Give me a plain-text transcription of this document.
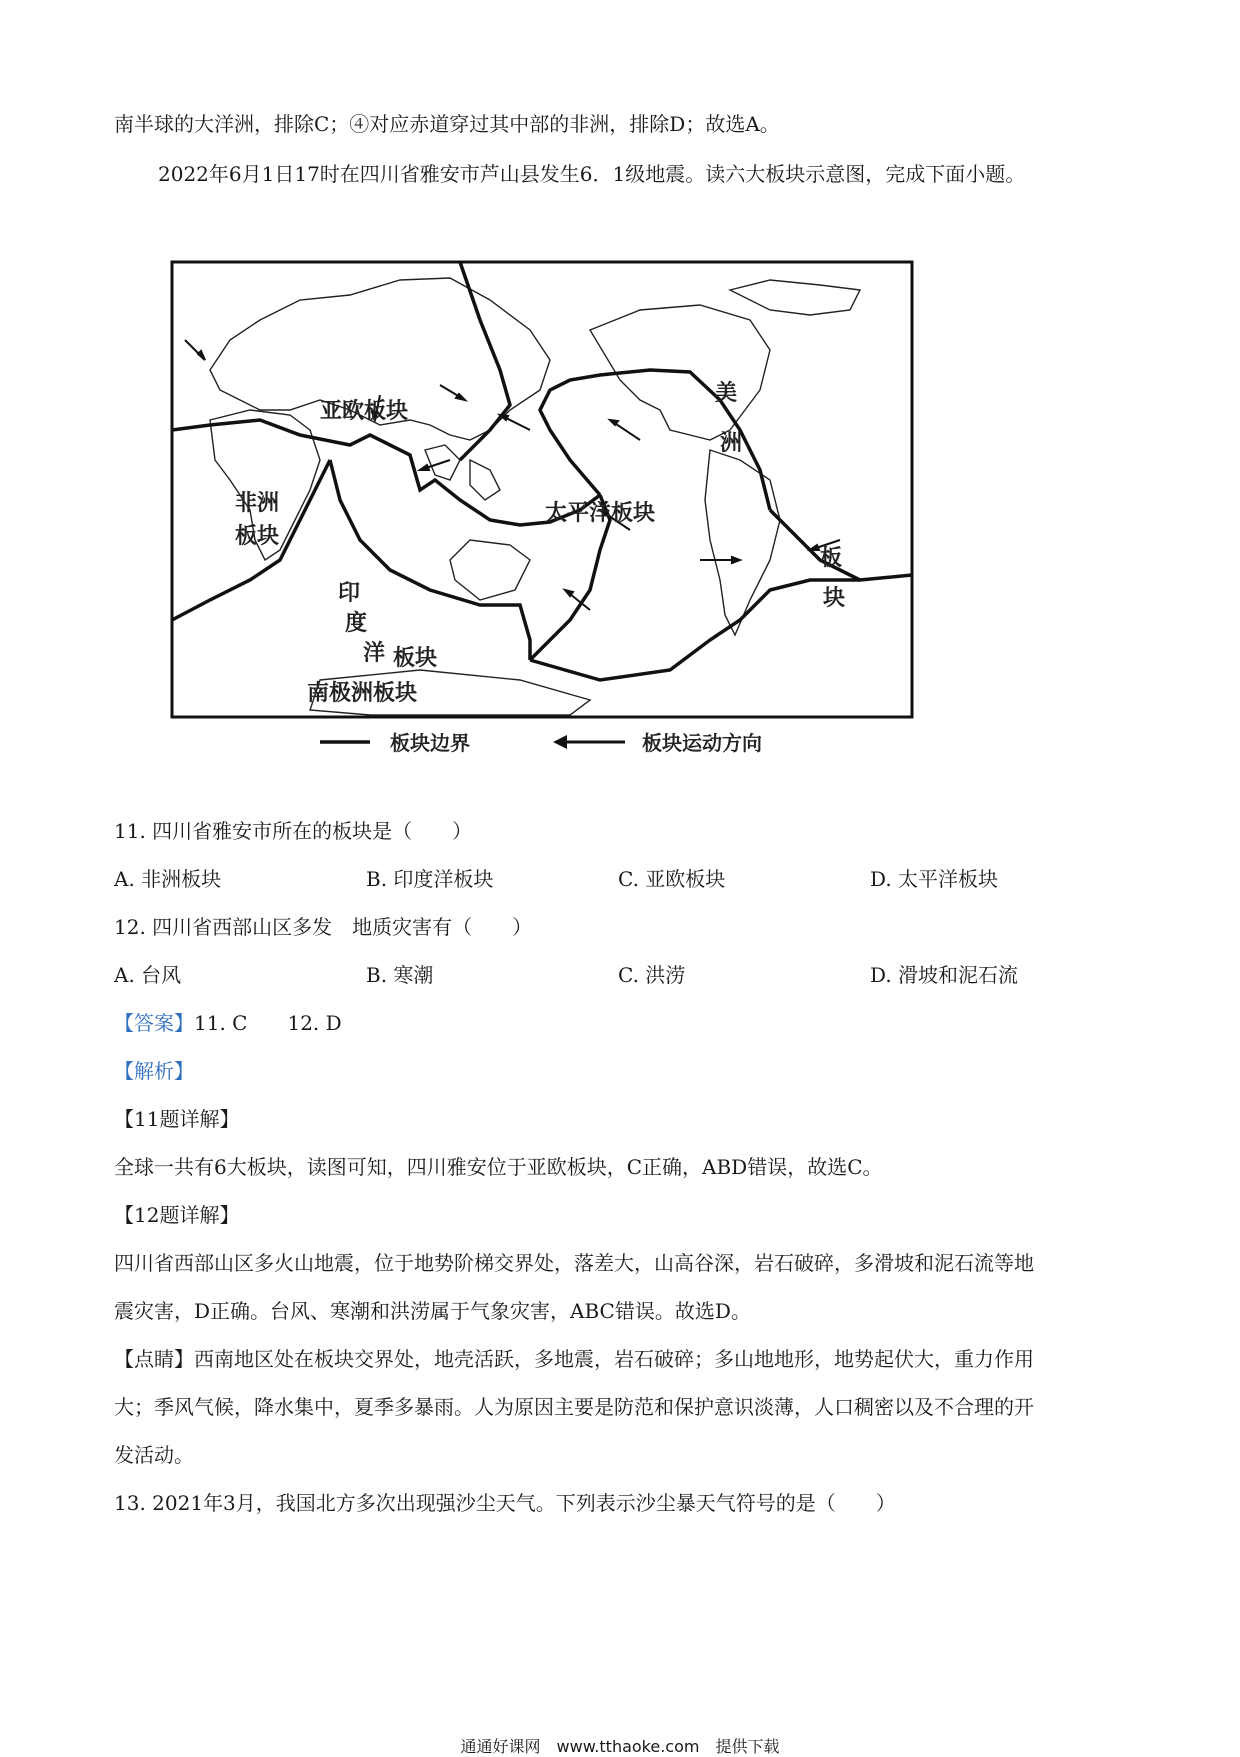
南半球的大洋洲，排除C；④对应赤道穿过其中部的非洲，排除D；故选A。
2022年6月1日17时在四川省雅安市芦山县发生6．1级地震。读六大板块示意图，完成下面小题。
亚欧板块
非洲
板块
太平洋板块
美
洲
板
块
印
度
洋 板块
南极洲板块
板块边界	板块运动方向
11. 四川省雅安市所在的板块是（　　）
A. 非洲板块	B. 印度洋板块	C. 亚欧板块	D. 太平洋板块
12. 四川省西部山区多发　地质灾害有（　　）
A. 台风	B. 寒潮	C. 洪涝	D. 滑坡和泥石流
【答案】11. C　　12. D
【解析】
【11题详解】
全球一共有6大板块，读图可知，四川雅安位于亚欧板块，C正确，ABD错误，故选C。
【12题详解】
四川省西部山区多火山地震，位于地势阶梯交界处，落差大，山高谷深，岩石破碎，多滑坡和泥石流等地
震灾害，D正确。台风、寒潮和洪涝属于气象灾害，ABC错误。故选D。
【点睛】西南地区处在板块交界处，地壳活跃，多地震，岩石破碎；多山地地形，地势起伏大，重力作用
大；季风气候，降水集中，夏季多暴雨。人为原因主要是防范和保护意识淡薄，人口稠密以及不合理的开
发活动。
13. 2021年3月，我国北方多次出现强沙尘天气。下列表示沙尘暴天气符号的是（　　）
通通好课网　www.tthaoke.com　提供下载
